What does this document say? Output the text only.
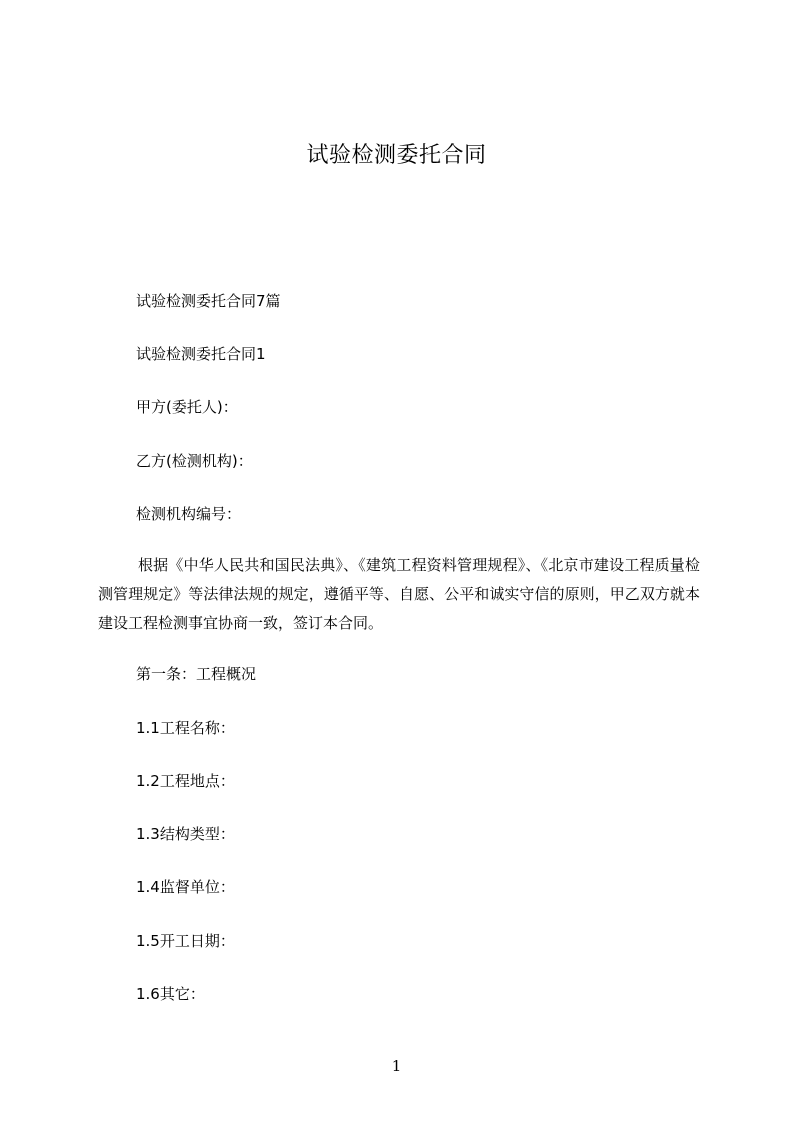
试验检测委托合同
试验检测委托合同7篇
试验检测委托合同1
甲方(委托人)：
乙方(检测机构)：
检测机构编号：
根据《中华人民共和国民法典》、《建筑工程资料管理规程》、《北京市建设工程质量检测管理规定》等法律法规的规定，遵循平等、自愿、公平和诚实守信的原则，甲乙双方就本建设工程检测事宜协商一致，签订本合同。
第一条：工程概况
1.1工程名称：
1.2工程地点：
1.3结构类型：
1.4监督单位：
1.5开工日期：
1.6其它：
1
